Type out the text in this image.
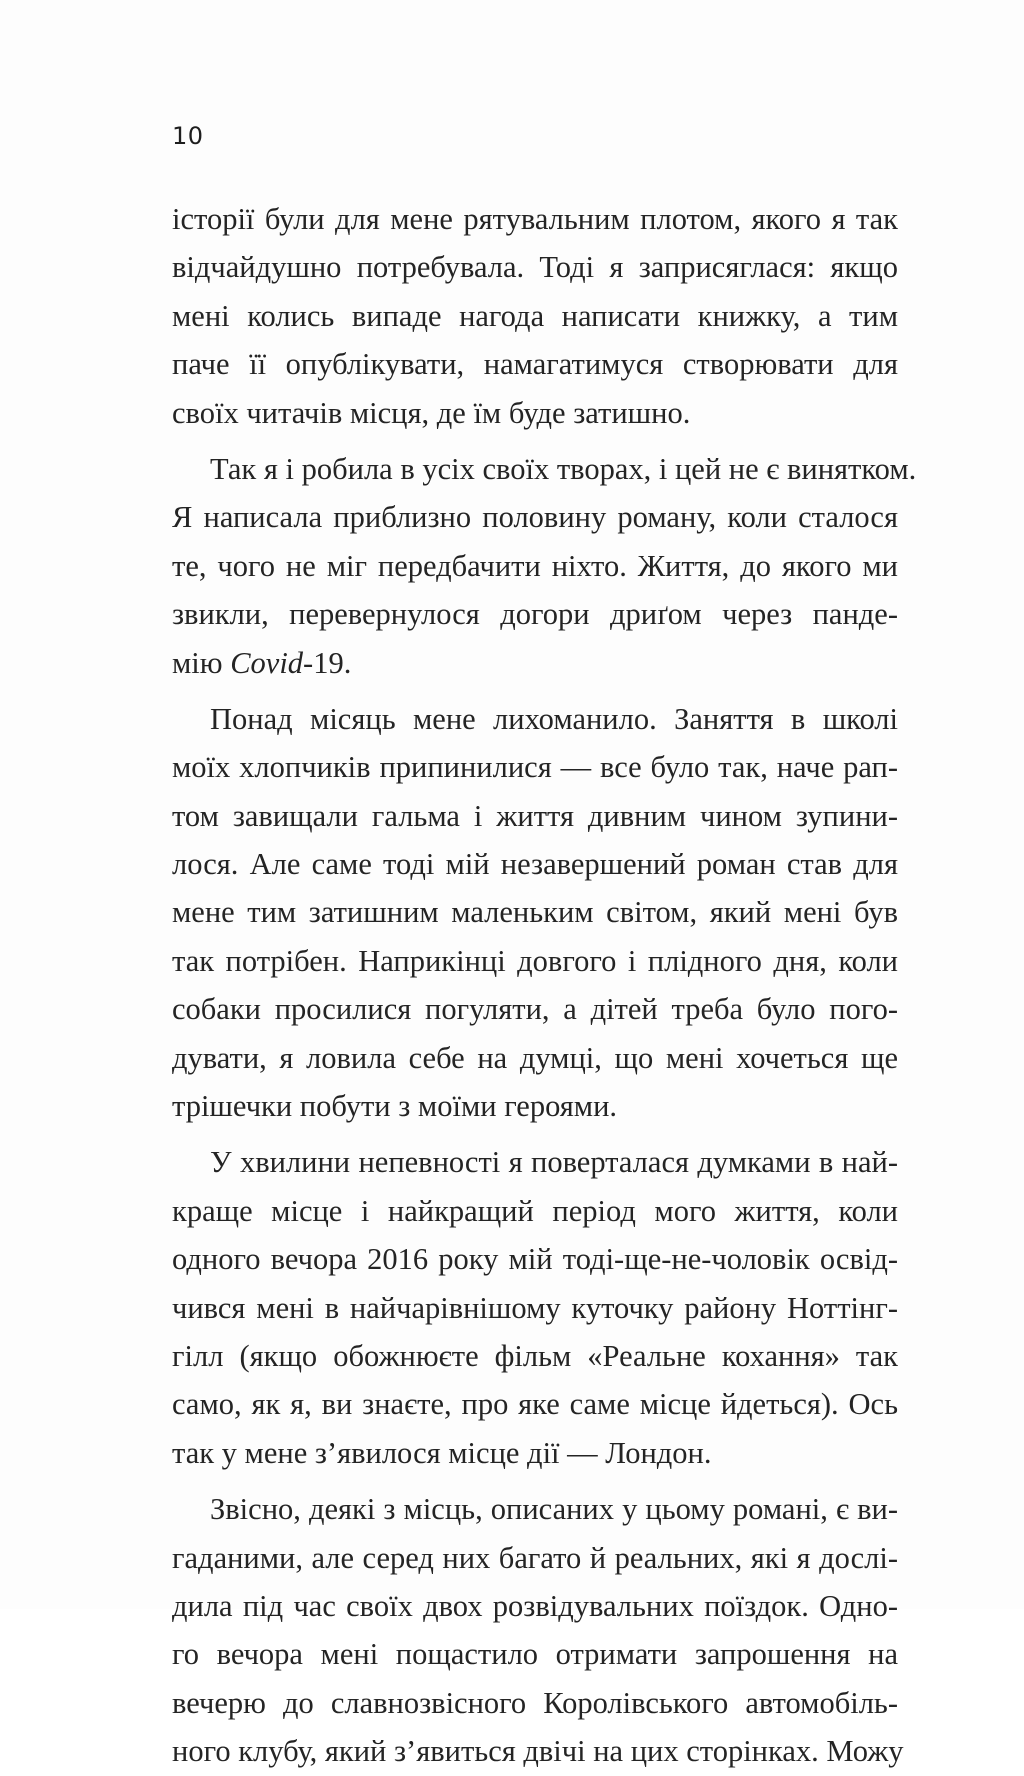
10
історії були для мене рятувальним плотом, якого я так
відчайдушно потребувала. Тоді я заприсяглася: якщо
мені колись випаде нагода написати книжку, а тим
паче її опублікувати, намагатимуся створювати для
своїх читачів місця, де їм буде затишно.
Так я і робила в усіх своїх творах, і цей не є винятком.
Я написала приблизно половину роману, коли сталося
те, чого не міг передбачити ніхто. Життя, до якого ми
звикли, перевернулося догори дриґом через панде-
мію Covid-19.
Понад місяць мене лихоманило. Заняття в школі
моїх хлопчиків припинилися — все було так, наче рап-
том завищали гальма і життя дивним чином зупини-
лося. Але саме тоді мій незавершений роман став для
мене тим затишним маленьким світом, який мені був
так потрібен. Наприкінці довгого і плідного дня, коли
собаки просилися погуляти, а дітей треба було пого-
дувати, я ловила себе на думці, що мені хочеться ще
трішечки побути з моїми героями.
У хвилини непевності я поверталася думками в най-
краще місце і найкращий період мого життя, коли
одного вечора 2016 року мій тоді-ще-не-чоловік освід-
чився мені в найчарівнішому куточку району Ноттінг-
гілл (якщо обожнюєте фільм «Реальне кохання» так
само, як я, ви знаєте, про яке саме місце йдеться). Ось
так у мене з’явилося місце дії — Лондон.
Звісно, деякі з місць, описаних у цьому романі, є ви-
гаданими, але серед них багато й реальних, які я дослі-
дила під час своїх двох розвідувальних поїздок. Одно-
го вечора мені пощастило отримати запрошення на
вечерю до славнозвісного Королівського автомобіль-
ного клубу, який з’явиться двічі на цих сторінках. Можу
